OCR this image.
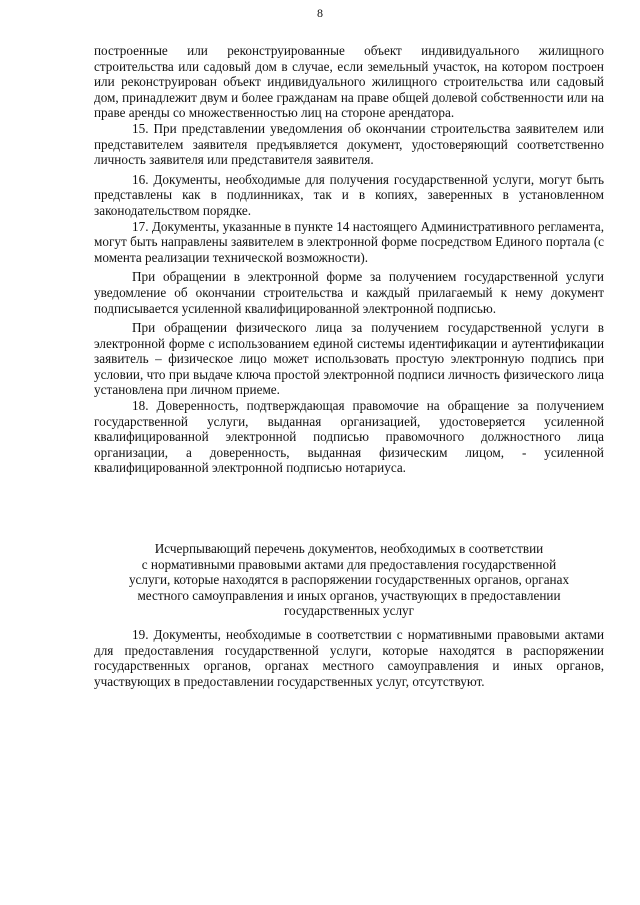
8

построенные или реконструированные объект индивидуального жилищного строительства или садовый дом в случае, если земельный участок, на котором построен или реконструирован объект индивидуального жилищного строительства или садовый дом, принадлежит двум и более гражданам на праве общей долевой собственности или на праве аренды со множественностью лиц на стороне арендатора.

15. При представлении уведомления об окончании строительства заявителем или представителем заявителя предъявляется документ, удостоверяющий соответственно личность заявителя или представителя заявителя.

16. Документы, необходимые для получения государственной услуги, могут быть представлены как в подлинниках, так и в копиях, заверенных в установленном законодательством порядке.

17. Документы, указанные в пункте 14 настоящего Административного регламента, могут быть направлены заявителем в электронной форме посредством Единого портала (с момента реализации технической возможности).

При обращении в электронной форме за получением государственной услуги уведомление об окончании строительства и каждый прилагаемый к нему документ подписывается усиленной квалифицированной электронной подписью.

При обращении физического лица за получением государственной услуги в электронной форме с использованием единой системы идентификации и аутентификации заявитель – физическое лицо может использовать простую электронную подпись при условии, что при выдаче ключа простой электронной подписи личность физического лица установлена при личном приеме.

18. Доверенность, подтверждающая правомочие на обращение за получением государственной услуги, выданная организацией, удостоверяется усиленной квалифицированной электронной подписью правомочного должностного лица организации, а доверенность, выданная физическим лицом, - усиленной квалифицированной электронной подписью нотариуса.

Исчерпывающий перечень документов, необходимых в соответствии
с нормативными правовыми актами для предоставления государственной
услуги, которые находятся в распоряжении государственных органов, органах
местного самоуправления и иных органов, участвующих в предоставлении
государственных услуг

19. Документы, необходимые в соответствии с нормативными правовыми актами для предоставления государственной услуги, которые находятся в распоряжении государственных органов, органах местного самоуправления и иных органов, участвующих в предоставлении государственных услуг, отсутствуют.
